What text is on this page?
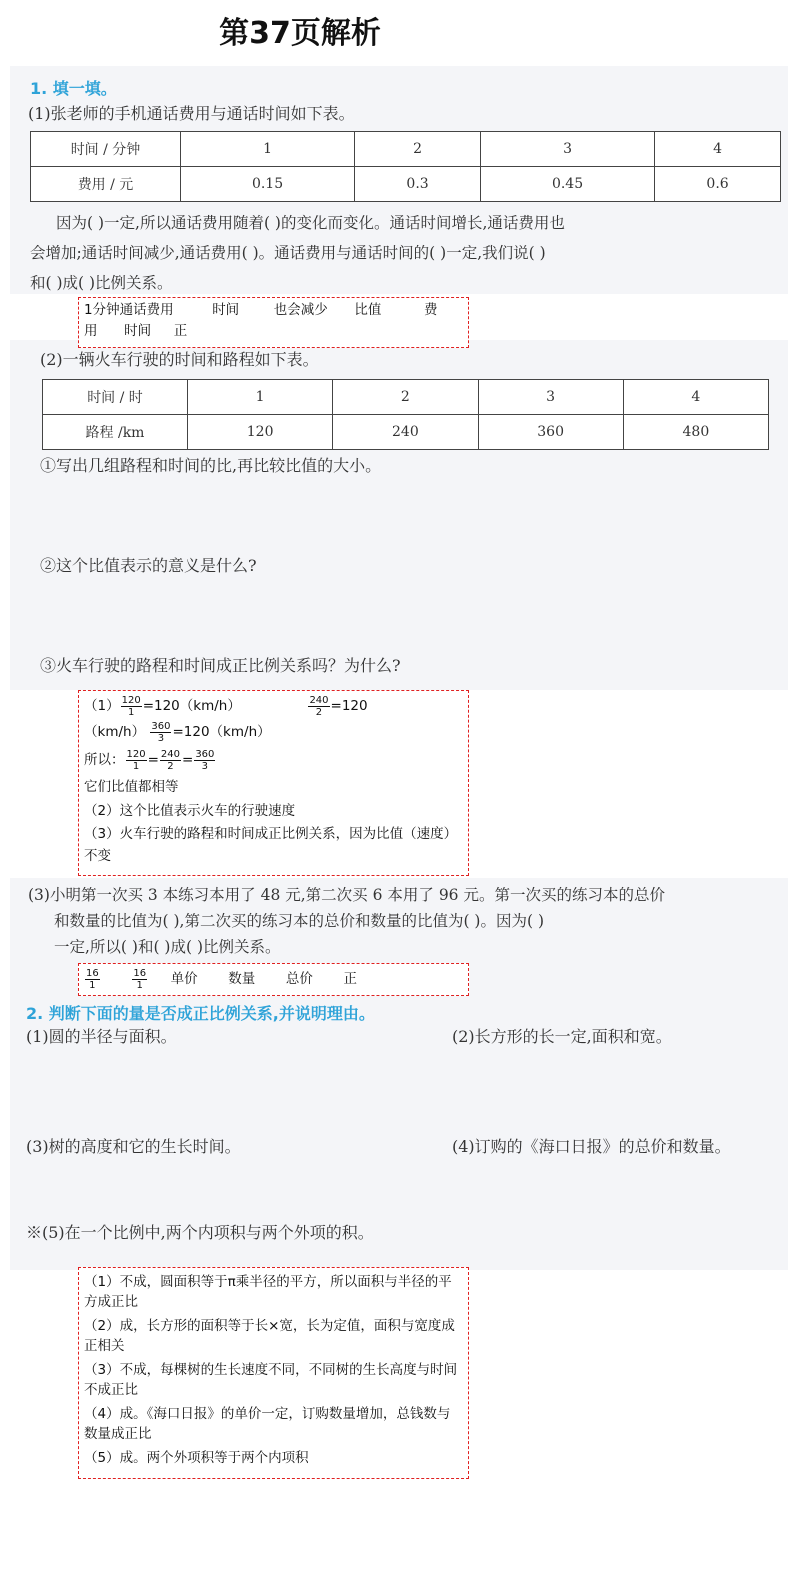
第37页解析
1. 填一填。
(1)张老师的手机通话费用与通话时间如下表。
时间 / 分钟	1	2	3	4
费用 / 元	0.15	0.3	0.45	0.6
因为( )一定,所以通话费用随着( )的变化而变化。通话时间增长,通话费用也
会增加;通话时间减少,通话费用( )。通话费用与通话时间的( )一定,我们说( )
和( )成( )比例关系。
1分钟通话费用	时间	也会减少 比值	费
用 时间 正
(2)一辆火车行驶的时间和路程如下表。
时间 / 时	1	2	3	4
路程 /km	120	240	360	480
①写出几组路程和时间的比,再比较比值的大小。
②这个比值表示的意义是什么?
③火车行驶的路程和时间成正比例关系吗？为什么?
$(1) \frac{120}{1} =120(km/h)$	$\frac{240}{2} =120$
$(km/h) \frac{360}{3} =120(km/h)$
所以： $\frac{120}{1} = \frac{240}{2} = \frac{360}{3}$
它们比值都相等
（2）这个比值表示火车的行驶速度
（3）火车行驶的路程和时间成正比例关系，因为比值（速度）不变
(3)小明第一次买 3 本练习本用了 48 元,第二次买 6 本用了 96 元。第一次买的练习本的总价
和数量的比值为( ),第二次买的练习本的总价和数量的比值为( )。因为( )
一定,所以( )和( )成( )比例关系。
$\frac{16}{1}$
	$\frac{16}{1}$ 单价 数量 总价 正
2. 判断下面的量是否成正比例关系,并说明理由。
(1)圆的半径与面积。	(2)长方形的长一定,面积和宽。
(3)树的高度和它的生长时间。	(4)订购的《海口日报》的总价和数量。
※(5)在一个比例中,两个内项积与两个外项的积。
（1）不成，圆面积等于π乘半径的平方，所以面积与半径的平方成正比
（2）成，长方形的面积等于长×宽，长为定值，面积与宽度成正相关
（3）不成，每棵树的生长速度不同，不同树的生长高度与时间不成正比
（4）成。《海口日报》的单价一定，订购数量增加，总钱数与数量成正比
（5）成。两个外项积等于两个内项积
